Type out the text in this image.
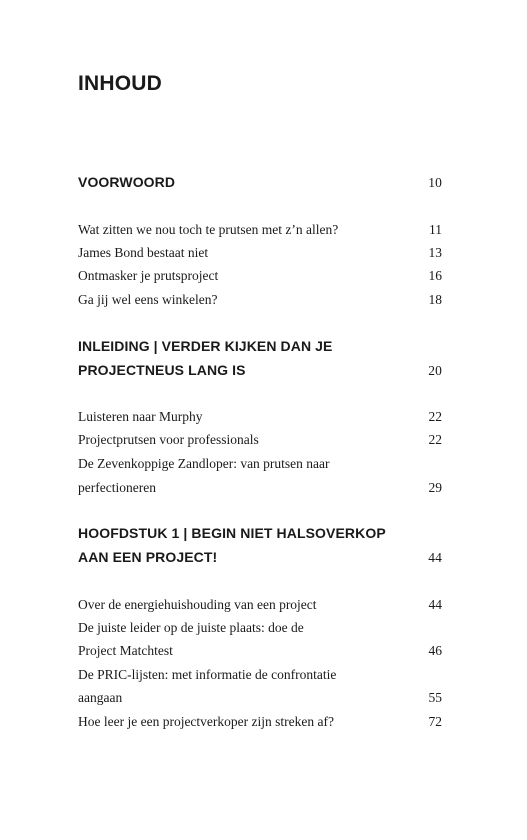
INHOUD
VOORWOORD	10
Wat zitten we nou toch te prutsen met z’n allen?	11
James Bond bestaat niet	13
Ontmasker je prutsproject	16
Ga jij wel eens winkelen?	18
INLEIDING | VERDER KIJKEN DAN JE
PROJECTNEUS LANG IS	20
Luisteren naar Murphy	22
Projectprutsen voor professionals	22
De Zevenkoppige Zandloper: van prutsen naar
perfectioneren	29
HOOFDSTUK 1 | BEGIN NIET HALSOVERKOP
AAN EEN PROJECT!	44
Over de energiehuishouding van een project	44
De juiste leider op de juiste plaats: doe de
Project Matchtest	46
De PRIC-lijsten: met informatie de confrontatie
aangaan	55
Hoe leer je een projectverkoper zijn streken af?	72
